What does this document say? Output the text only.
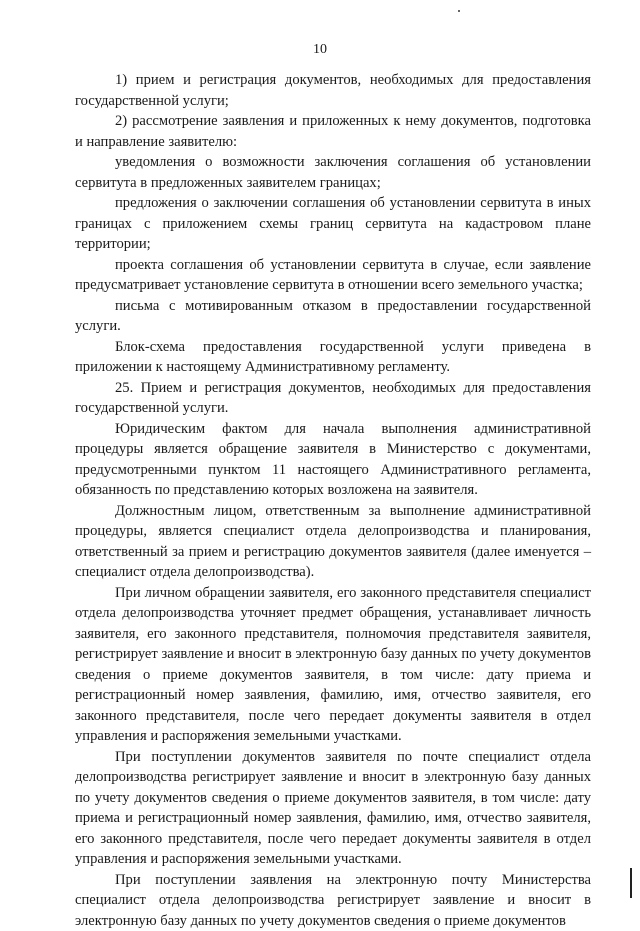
10

1) прием и регистрация документов, необходимых для предоставления государственной услуги;

2) рассмотрение заявления и приложенных к нему документов, подготовка и направление заявителю:

уведомления о возможности заключения соглашения об установлении сервитута в предложенных заявителем границах;

предложения о заключении соглашения об установлении сервитута в иных границах с приложением схемы границ сервитута на кадастровом плане территории;

проекта соглашения об установлении сервитута в случае, если заявление предусматривает установление сервитута в отношении всего земельного участка;

письма с мотивированным отказом в предоставлении государственной услуги.

Блок-схема предоставления государственной услуги приведена в приложении к настоящему Административному регламенту.

25. Прием и регистрация документов, необходимых для предоставления государственной услуги.

Юридическим фактом для начала выполнения административной процедуры является обращение заявителя в Министерство с документами, предусмотренными пунктом 11 настоящего Административного регламента, обязанность по представлению которых возложена на заявителя.

Должностным лицом, ответственным за выполнение административной процедуры, является специалист отдела делопроизводства и планирования, ответственный за прием и регистрацию документов заявителя (далее именуется – специалист отдела делопроизводства).

При личном обращении заявителя, его законного представителя специалист отдела делопроизводства уточняет предмет обращения, устанавливает личность заявителя, его законного представителя, полномочия представителя заявителя, регистрирует заявление и вносит в электронную базу данных по учету документов сведения о приеме документов заявителя, в том числе: дату приема и регистрационный номер заявления, фамилию, имя, отчество заявителя, его законного представителя, после чего передает документы заявителя в отдел управления и распоряжения земельными участками.

При поступлении документов заявителя по почте специалист отдела делопроизводства регистрирует заявление и вносит в электронную базу данных по учету документов сведения о приеме документов заявителя, в том числе: дату приема и регистрационный номер заявления, фамилию, имя, отчество заявителя, его законного представителя, после чего передает документы заявителя в отдел управления и распоряжения земельными участками.

При поступлении заявления на электронную почту Министерства специалист отдела делопроизводства регистрирует заявление и вносит в электронную базу данных по учету документов сведения о приеме документов
